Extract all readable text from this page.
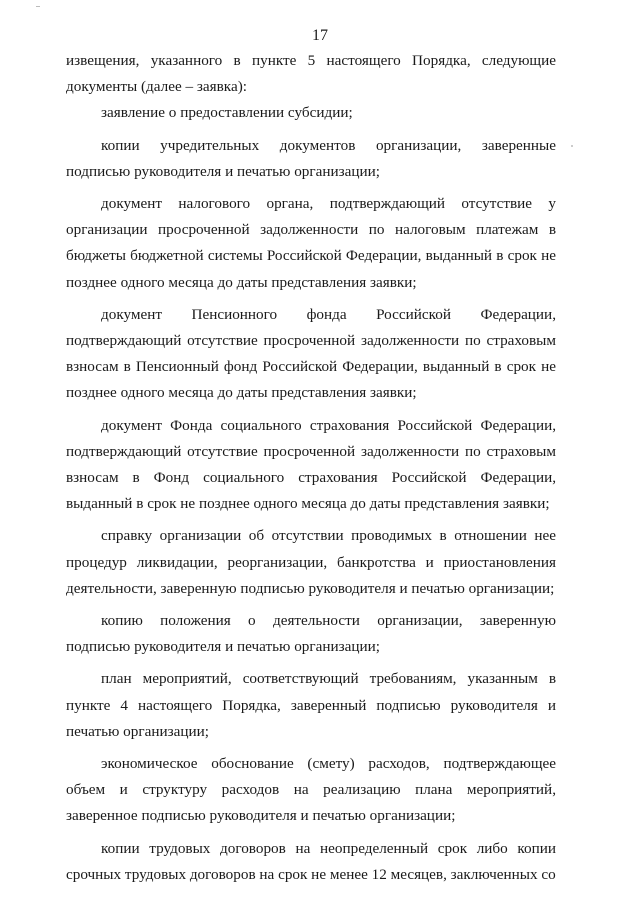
17

извещения, указанного в пункте 5 настоящего Порядка, следующие документы (далее – заявка):

заявление о предоставлении субсидии;

копии учредительных документов организации, заверенные подписью руководителя и печатью организации;

документ налогового органа, подтверждающий отсутствие у организации просроченной задолженности по налоговым платежам в бюджеты бюджетной системы Российской Федерации, выданный в срок не позднее одного месяца до даты представления заявки;

документ Пенсионного фонда Российской Федерации, подтверждающий отсутствие просроченной задолженности по страховым взносам в Пенсионный фонд Российской Федерации, выданный в срок не позднее одного месяца до даты представления заявки;

документ Фонда социального страхования Российской Федерации, подтверждающий отсутствие просроченной задолженности по страховым взносам в Фонд социального страхования Российской Федерации, выданный в срок не позднее одного месяца до даты представления заявки;

справку организации об отсутствии проводимых в отношении нее процедур ликвидации, реорганизации, банкротства и приостановления деятельности, заверенную подписью руководителя и печатью организации;

копию положения о деятельности организации, заверенную подписью руководителя и печатью организации;

план мероприятий, соответствующий требованиям, указанным в пункте 4 настоящего Порядка, заверенный подписью руководителя и печатью организации;

экономическое обоснование (смету) расходов, подтверждающее объем и структуру расходов на реализацию плана мероприятий, заверенное подписью руководителя и печатью организации;

копии трудовых договоров на неопределенный срок либо копии срочных трудовых договоров на срок не менее 12 месяцев, заключенных со
